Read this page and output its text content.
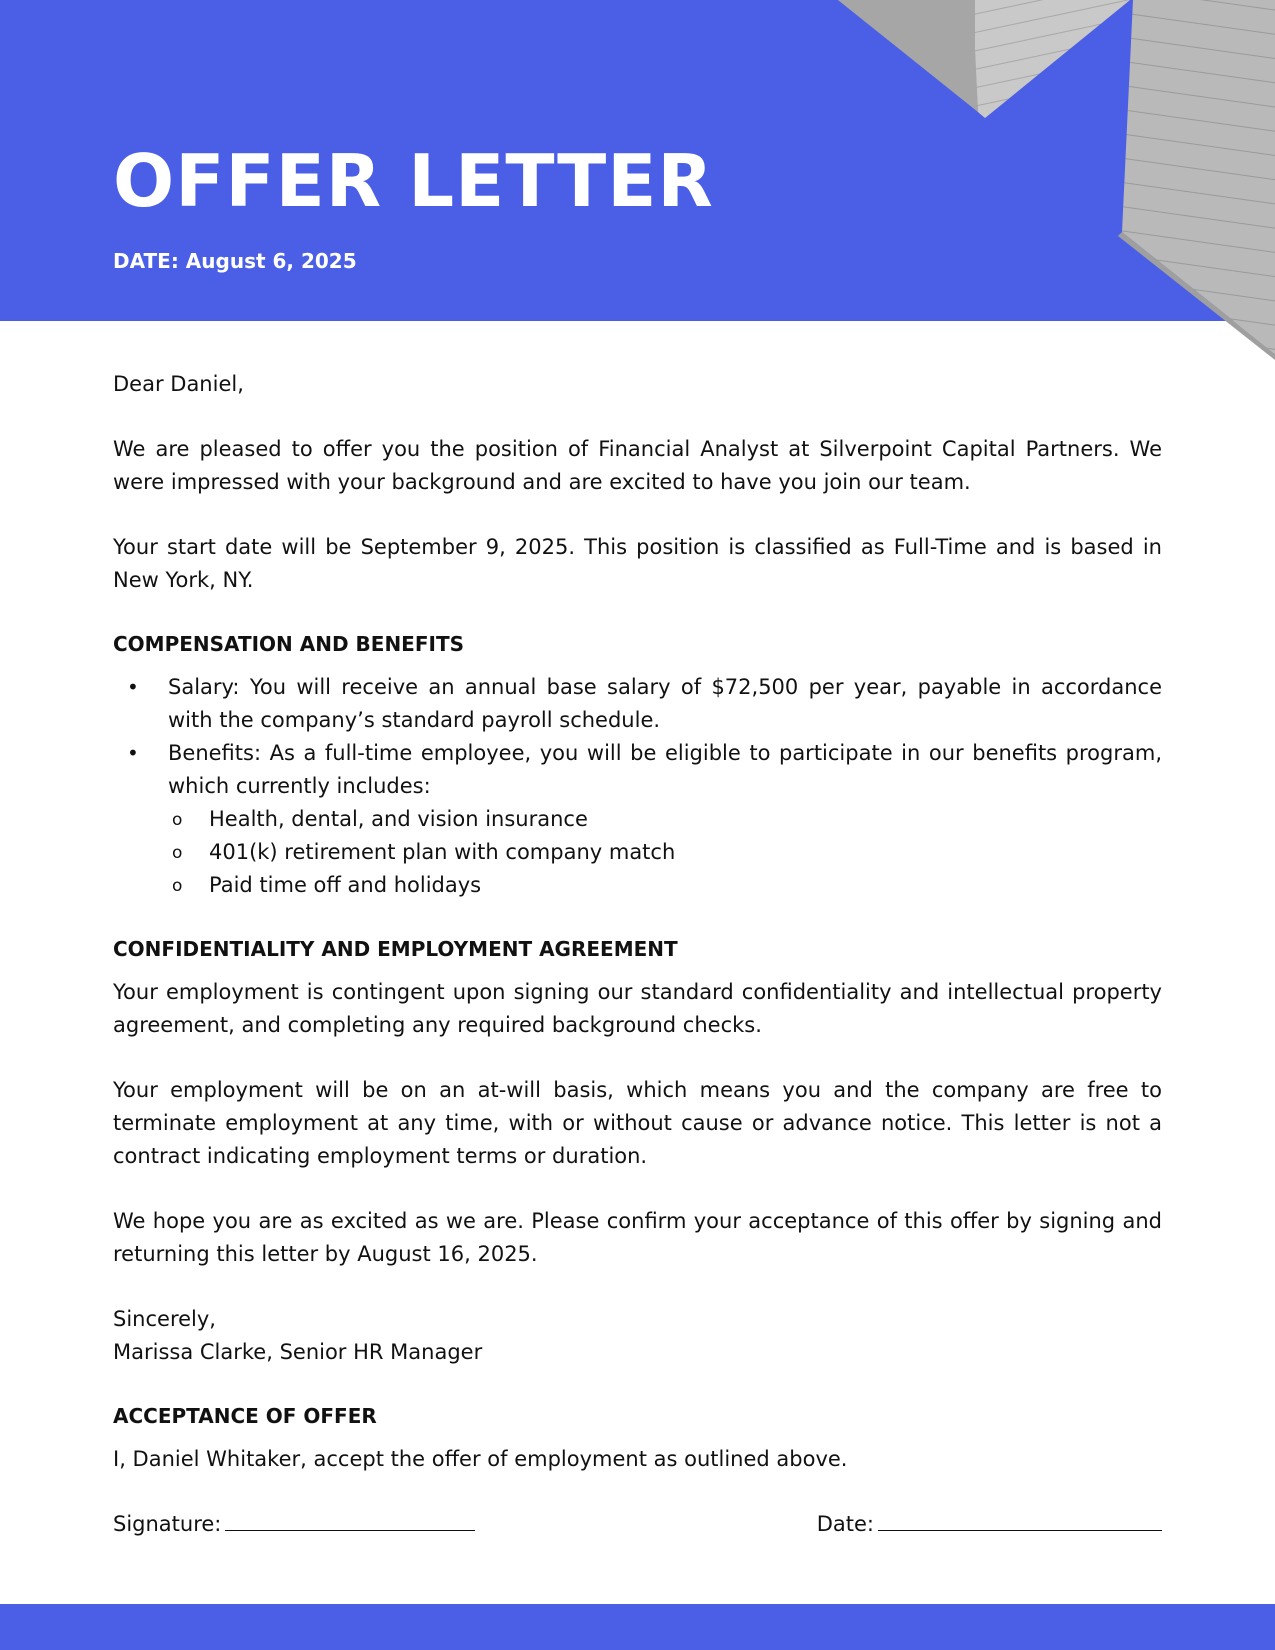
OFFER LETTER
DATE: August 6, 2025

Dear Daniel,

We are pleased to offer you the position of Financial Analyst at Silverpoint Capital Partners. We were impressed with your background and are excited to have you join our team.

Your start date will be September 9, 2025. This position is classified as Full-Time and is based in New York, NY.

COMPENSATION AND BENEFITS
• Salary: You will receive an annual base salary of $72,500 per year, payable in accordance with the company’s standard payroll schedule.
• Benefits: As a full-time employee, you will be eligible to participate in our benefits program, which currently includes:
o Health, dental, and vision insurance
o 401(k) retirement plan with company match
o Paid time off and holidays
CONFIDENTIALITY AND EMPLOYMENT AGREEMENT

Your employment is contingent upon signing our standard confidentiality and intellectual property agreement, and completing any required background checks.

Your employment will be on an at-will basis, which means you and the company are free to terminate employment at any time, with or without cause or advance notice. This letter is not a contract indicating employment terms or duration.

We hope you are as excited as we are. Please confirm your acceptance of this offer by signing and returning this letter by August 16, 2025.

Sincerely,
Marissa Clarke, Senior HR Manager
ACCEPTANCE OF OFFER

I, Daniel Whitaker, accept the offer of employment as outlined above.

Signature:	Date:
